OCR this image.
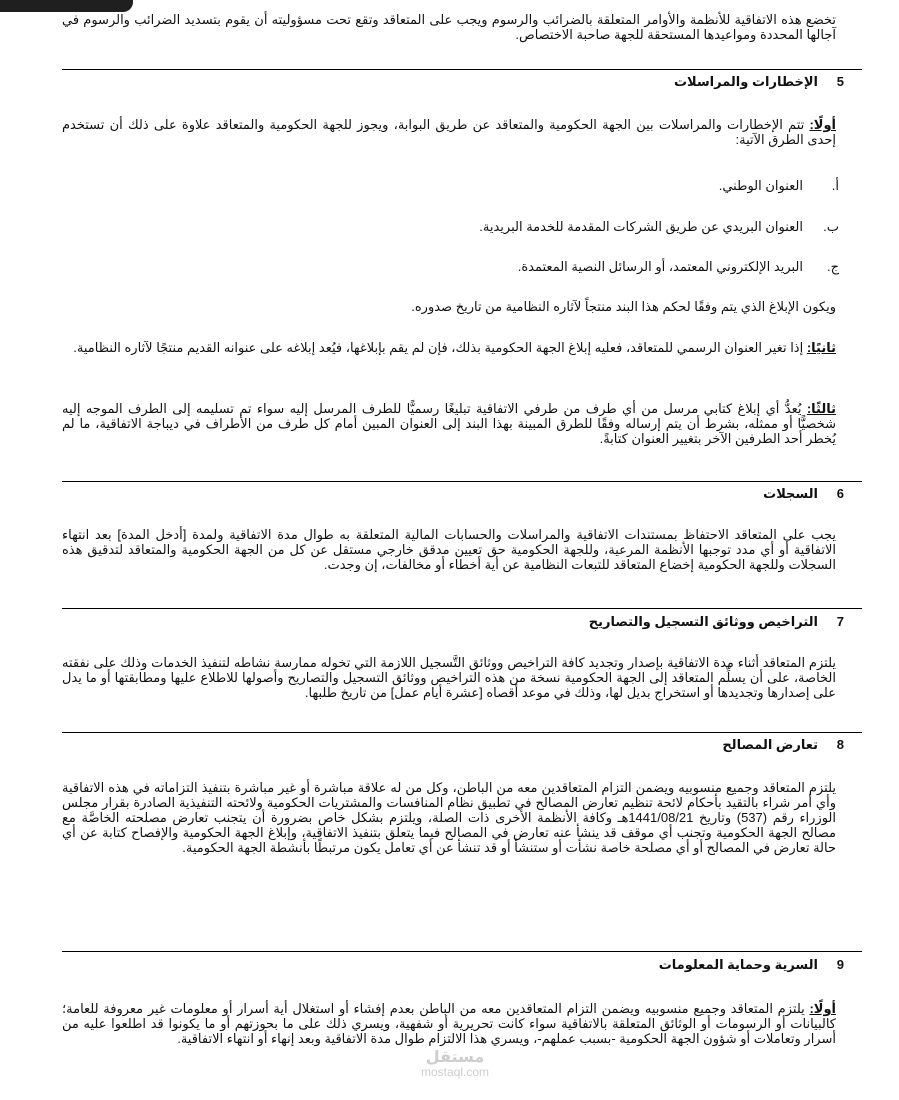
تخضع هذه الاتفاقية للأنظمة والأوامر المتعلقة بالضرائب والرسوم ويجب على المتعاقد وتقع تحت مسؤوليته أن يقوم بتسديد الضرائب والرسوم في آجالها المحددة ومواعيدها المستحقة للجهة صاحبة الاختصاص.

5الإخطارات والمراسلات

أولًا: تتم الإخطارات والمراسلات بين الجهة الحكومية والمتعاقد عن طريق البوابة، ويجوز للجهة الحكومية والمتعاقد علاوة على ذلك أن تستخدم إحدى الطرق الآتية:

أ.العنوان الوطني.
ب.العنوان البريدي عن طريق الشركات المقدمة للخدمة البريدية.
ج.البريد الإلكتروني المعتمد، أو الرسائل النصية المعتمدة.

ويكون الإبلاغ الذي يتم وفقًا لحكم هذا البند منتجاً لآثاره النظامية من تاريخ صدوره.

ثانيًا: إذا تغير العنوان الرسمي للمتعاقد، فعليه إبلاغ الجهة الحكومية بذلك، فإن لم يقم بإبلاغها، فيُعد إبلاغه على عنوانه القديم منتجًا لآثاره النظامية.

ثالثًا: يُعدُّ أي إبلاغ كتابي مرسل من أي طرف من طرفي الاتفاقية تبليغًا رسميًّا للطرف المرسل إليه سواء تم تسليمه إلى الطرف الموجه إليه شخصيًّا أو ممثله، بشرط أن يتم إرساله وفقًا للطرق المبينة بهذا البند إلى العنوان المبين أمام كل طرف من الأطراف في ديباجة الاتفاقية، ما لم يُخطر أحد الطرفين الآخر بتغيير العنوان كتابةً.

6السجلات

يجب على المتعاقد الاحتفاظ بمستندات الاتفاقية والمراسلات والحسابات المالية المتعلقة به طوال مدة الاتفاقية ولمدة [أدخل المدة] بعد انتهاء الاتفاقية أو أي مدد توجبها الأنظمة المرعية، وللجهة الحكومية حق تعيين مدقق خارجي مستقل عن كل من الجهة الحكومية والمتعاقد لتدقيق هذه السجلات وللجهة الحكومية إخضاع المتعاقد للتبعات النظامية عن أية أخطاء أو مخالفات، إن وجدت.

7التراخيص ووثائق التسجيل والتصاريح

يلتزم المتعاقد أثناء مدة الاتفاقية بإصدار وتجديد كافة التراخيص ووثائق التَّسجيل اللازمة التي تخوله ممارسة نشاطه لتنفيذ الخدمات وذلك على نفقته الخاصة، على أن يسلِّم المتعاقد إلى الجهة الحكومية نسخة من هذه التراخيص ووثائق التسجيل والتصاريح وأصولها للاطلاع عليها ومطابقتها أو ما يدل على إصدارها وتجديدها أو استخراج بديل لها، وذلك في موعد أقصاه [عشرة أيام عمل] من تاريخ طلبها.

8تعارض المصالح

يلتزم المتعاقد وجميع منسوبيه ويضمن التزام المتعاقدين معه من الباطن، وكل من له علاقة مباشرة أو غير مباشرة بتنفيذ التزاماته في هذه الاتفاقية وأي أمر شراء بالتقيد بأحكام لائحة تنظيم تعارض المصالح في تطبيق نظام المنافسات والمشتريات الحكومية ولائحته التنفيذية الصادرة بقرار مجلس الوزراء رقم (537) وتاريخ 1441/08/21هـ وكافة الأنظمة الأخرى ذات الصلة، ويلتزم بشكل خاص بضرورة أن يتجنب تعارض مصلحته الخاصَّة مع مصالح الجهة الحكومية وتجنب أي موقف قد ينشأ عنه تعارض في المصالح فيما يتعلق بتنفيذ الاتفاقية، وإبلاغ الجهة الحكومية والإفصاح كتابة عن أي حالة تعارض في المصالح أو أي مصلحة خاصة نشأت أو ستنشأ أو قد تنشأ عن أي تعامل يكون مرتبطًا بأنشطة الجهة الحكومية.

9السرية وحماية المعلومات

أولًا: يلتزم المتعاقد وجميع منسوبيه ويضمن التزام المتعاقدين معه من الباطن بعدم إفشاء أو استغلال أية أسرار أو معلومات غير معروفة للعامة؛ كالبيانات أو الرسومات أو الوثائق المتعلقة بالاتفاقية سواء كانت تحريرية أو شفهية، ويسري ذلك على ما بحوزتهم أو ما يكونوا قد اطلعوا عليه من أسرار وتعاملات أو شؤون الجهة الحكومية -بسبب عملهم-، ويسري هذا الالتزام طوال مدة الاتفاقية وبعد إنهاء أو انتهاء الاتفاقية.

مستقل
mostaql.com
